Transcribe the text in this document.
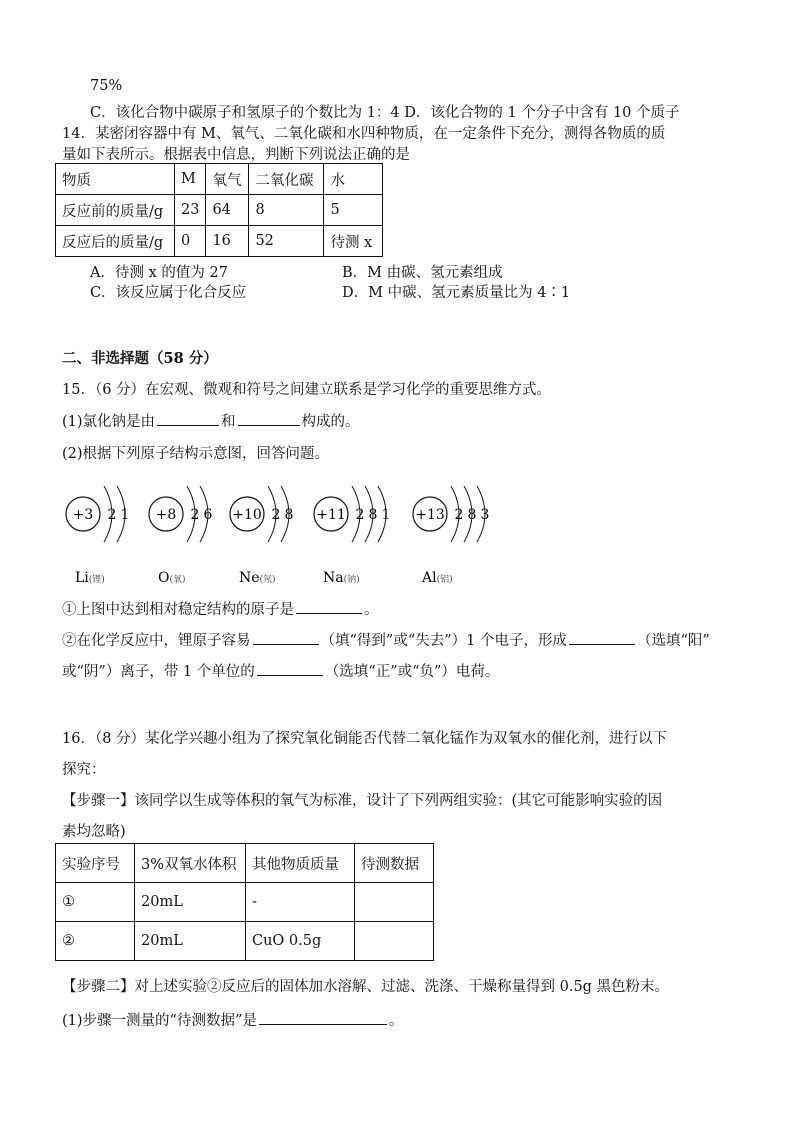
75%
C．该化合物中碳原子和氢原子的个数比为 1：4 D．该化合物的 1 个分子中含有 10 个质子
14．某密闭容器中有 M、氧气、二氧化碳和水四种物质，在一定条件下充分，测得各物质的质
量如下表所示。根据表中信息，判断下列说法正确的是
物质	M	氧气	二氧化碳	水
反应前的质量/g	23	64	8	5
反应后的质量/g	0	16	52	待测 x
A．待测 x 的值为 27	B．M 由碳、氢元素组成
C．该反应属于化合反应	D．M 中碳、氢元素质量比为 4∶1
二、非选择题（58 分）
15．（6 分）在宏观、微观和符号之间建立联系是学习化学的重要思维方式。
(1)氯化钠是由	和	构成的。
(2)根据下列原子结构示意图，回答问题。
+3 2 1
Li(锂)
+8 2 6
O(氧)
+10 2 8
Ne(氖)
+11 2 8 1
Na(钠)
+13 2 8 3
Al(铝)
①上图中达到相对稳定结构的原子是	。
②在化学反应中，锂原子容易	（填“得到”或“失去”）1 个电子，形成	（选填“阳”
或“阴”）离子，带 1 个单位的	（选填“正”或“负”）电荷。
16．（8 分）某化学兴趣小组为了探究氧化铜能否代替二氧化锰作为双氧水的催化剂，进行以下
探究：
【步骤一】该同学以生成等体积的氧气为标准，设计了下列两组实验：(其它可能影响实验的因
素均忽略)
实验序号	3%双氧水体积	其他物质质量	待测数据
①	20mL	-	
②	20mL	CuO 0.5g	
【步骤二】对上述实验②反应后的固体加水溶解、过滤、洗涤、干燥称量得到 0.5g 黑色粉末。
(1)步骤一测量的“待测数据”是	。
